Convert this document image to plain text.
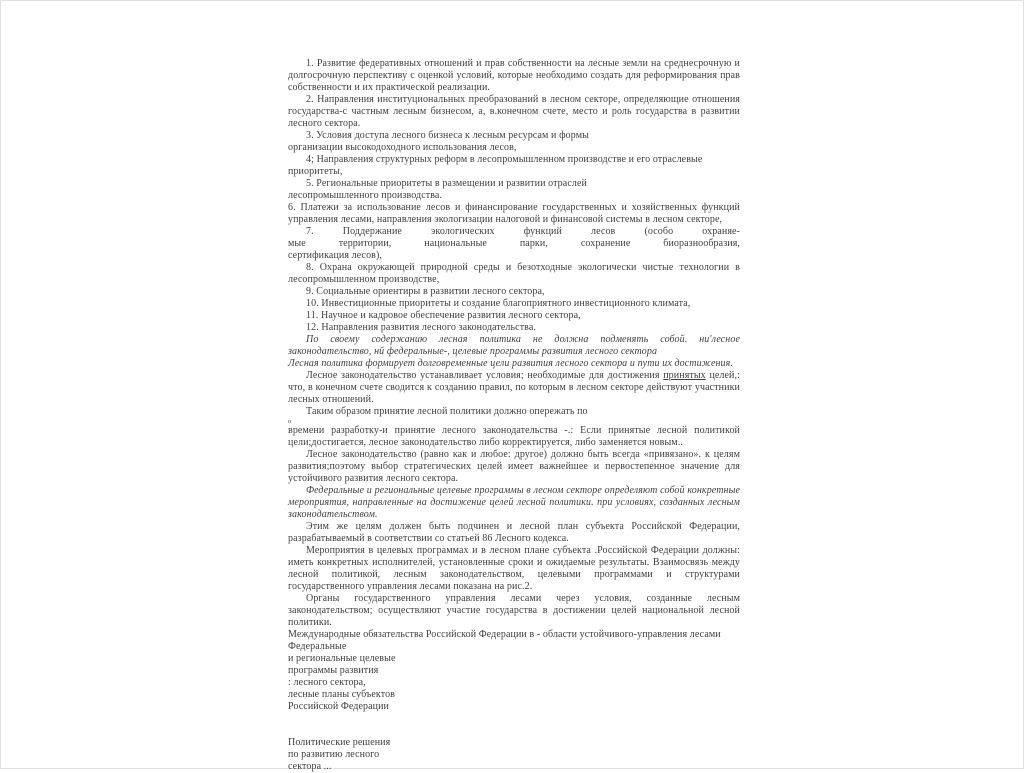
1. Развитие федеративных отношений и прав собственности на лесные земли на среднесрочную и долгосрочную перспективу с оценкой условий, которые необходимо создать для реформирования прав собственности и их практической реализации.

2. Направления институциональных преобразований в лесном секторе, определяющие отношения государства-с частным лесным бизнесом, а, в.конечном счете, место и роль государства в развитии лесного сектора.

3. Условия доступа лесного бизнеса к лесным ресурсам и формы

организации высокодоходного использования лесов,

4; Направления структурных реформ в лесопромышленном производстве и его отраслевые приоритеты,

5. Региональные приоритеты в размещении и развитии отраслей

лесопромышленного производства.

6. Платежи за использование лесов и финансирование государственных и хозяйственных функций управления лесами, направления экологизации налоговой и финансовой системы в лесном секторе,

7. Поддержание экологических функций лесов (особо охраняе-

мые территории, национальные парки, сохранение биоразнообразия,

сертификация лесов),

8. Охрана окружающей природной среды и безотходные экологически чистые технологии в лесопромышленном производстве,

9. Социальные ориентиры в развитии лесного сектора,

10. Инвестиционные приоритеты и создание благоприятного инвестиционного климата,

11. Научное и кадровое обеспечение развития лесного сектора,

12. Направления развития лесного законодательства.

По своему содержанию лесная политика не должна подменять собой. ни'лесное законодательство, нй федеральные-, целевые программы развития лесного сектора

Лесная политика формирует долговременные цели развития лесного сектора и пути их достижения.

Лесное законодательство устанавливает условия; необходимые для достижения принятых целей,: что, в конечном счете сводится к созданию правил, по которым в лесном секторе действуют участники лесных отношений.

Таким образом принятие лесной политики должно опережать по

о

времени разработку-и принятие лесного законодательства -.: Если принятые лесной политикой

цели;достигается, лесное законодательство либо корректируется, либо заменяется новым..

Лесное законодательство (равно как и любое: другое) должно быть всегда «привязано». к целям развития;поэтому выбор стратегических целей имеет важнейшее и первостепенное значение для устойчивого развития лесного сектора.

Федеральные и региональные целевые программы в лесном секторе определяют собой конкретные мероприятия, направленные на достижение целей лесной политики. при условиях, созданных лесным законодательством.

Этим же целям должен быть подчинен и лесной план субъекта Российской Федерации, разрабатываемый в соответствии со статьей 86 Лесного кодекса.

Мероприятия в целевых программах и в лесном плане субъекта .Российской Федерации должны: иметь конкретных исполнителей, установленные сроки и ожидаемые результаты. Взаимосвязь между лесной политикой, лесным законодательством, целевыми программами и структурами государственного управления лесами показана на рис.2.

Органы государственного управления лесами через условия, созданные лесным законодательством; осуществляют участие государства в достижении целей национальной лесной политики.

Международные обязательства Российской Федерации в - области устойчивого-управления лесами

Федеральные

и региональные целевые

программы развития

: лесного сектора,

лесные планы субъектов

Российской Федерации

Политические решения

по развитию лесного

сектора ...
